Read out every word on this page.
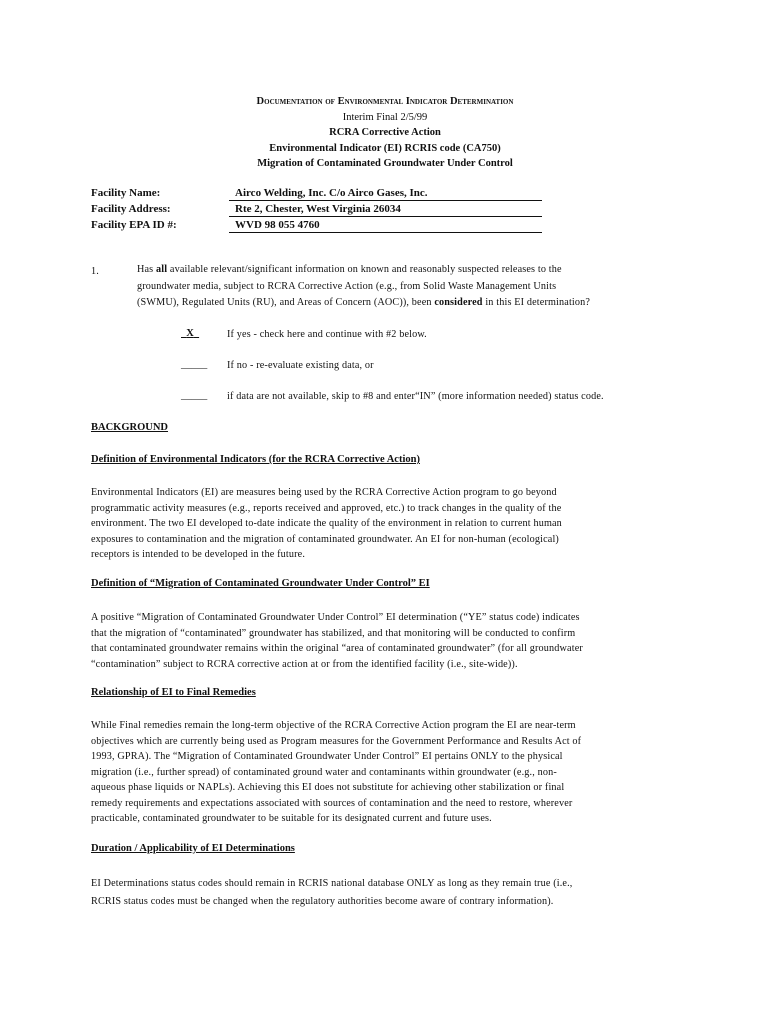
Documentation of Environmental Indicator Determination
Interim Final 2/5/99
RCRA Corrective Action
Environmental Indicator (EI) RCRIS code (CA750)
Migration of Contaminated Groundwater Under Control
Facility Name:	Airco Welding, Inc. C/o Airco Gases, Inc.
Facility Address:	Rte 2, Chester, West Virginia 26034
Facility EPA ID #:	WVD 98 055 4760
1.	Has all available relevant/significant information on known and reasonably suspected releases to the
groundwater media, subject to RCRA Corrective Action (e.g., from Solid Waste Management Units
(SWMU), Regulated Units (RU), and Areas of Concern (AOC)), been considered in this EI determination?
X	If yes - check here and continue with #2 below.
_____ If no - re-evaluate existing data, or
_____ if data are not available, skip to #8 and enter“IN” (more information needed) status code.
BACKGROUND
Definition of Environmental Indicators (for the RCRA Corrective Action)
Environmental Indicators (EI) are measures being used by the RCRA Corrective Action program to go beyond
programmatic activity measures (e.g., reports received and approved, etc.) to track changes in the quality of the
environment. The two EI developed to-date indicate the quality of the environment in relation to current human
exposures to contamination and the migration of contaminated groundwater. An EI for non-human (ecological)
receptors is intended to be developed in the future.
Definition of “Migration of Contaminated Groundwater Under Control” EI
A positive “Migration of Contaminated Groundwater Under Control” EI determination (“YE” status code) indicates
that the migration of “contaminated” groundwater has stabilized, and that monitoring will be conducted to confirm
that contaminated groundwater remains within the original “area of contaminated groundwater” (for all groundwater
“contamination” subject to RCRA corrective action at or from the identified facility (i.e., site-wide)).
Relationship of EI to Final Remedies
While Final remedies remain the long-term objective of the RCRA Corrective Action program the EI are near-term
objectives which are currently being used as Program measures for the Government Performance and Results Act of
1993, GPRA). The “Migration of Contaminated Groundwater Under Control” EI pertains ONLY to the physical
migration (i.e., further spread) of contaminated ground water and contaminants within groundwater (e.g., non-
aqueous phase liquids or NAPLs). Achieving this EI does not substitute for achieving other stabilization or final
remedy requirements and expectations associated with sources of contamination and the need to restore, wherever
practicable, contaminated groundwater to be suitable for its designated current and future uses.
Duration / Applicability of EI Determinations
EI Determinations status codes should remain in RCRIS national database ONLY as long as they remain true (i.e.,
RCRIS status codes must be changed when the regulatory authorities become aware of contrary information).
